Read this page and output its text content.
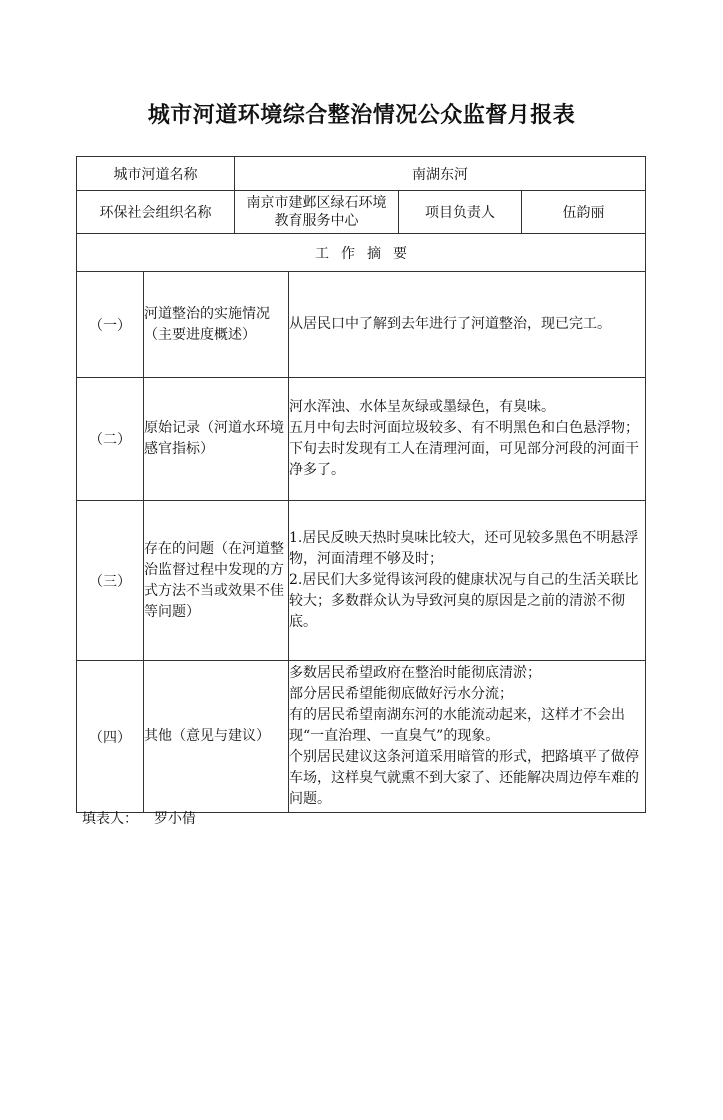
城市河道环境综合整治情况公众监督月报表
城市河道名称		南湖东河			
环保社会组织名称		南京市建邺区绿石环境教育服务中心		项目负责人	伍韵丽
工作摘要					
（一）	河道整治的实施情况（主要进度概述）		从居民口中了解到去年进行了河道整治，现已完工。		

（二）	原始记录（河道水环境感官指标）		河水浑浊、水体呈灰绿或墨绿色，有臭味。

五月中旬去时河面垃圾较多、有不明黑色和白色悬浮物；下旬去时发现有工人在清理河面，可见部分河段的河面干净多了。		

（三）	存在的问题（在河道整治监督过程中发现的方式方法不当或效果不佳等问题）		1.居民反映天热时臭味比较大，还可见较多黑色不明悬浮物，河面清理不够及时；

2.居民们大多觉得该河段的健康状况与自己的生活关联比较大；多数群众认为导致河臭的原因是之前的清淤不彻底。		

（四）	其他（意见与建议）		多数居民希望政府在整治时能彻底清淤；

部分居民希望能彻底做好污水分流；

有的居民希望南湖东河的水能流动起来，这样才不会出现“一直治理、一直臭气”的现象。

个别居民建议这条河道采用暗管的形式，把路填平了做停车场，这样臭气就熏不到大家了、还能解决周边停车难的问题。		

填表人： 罗小倩
